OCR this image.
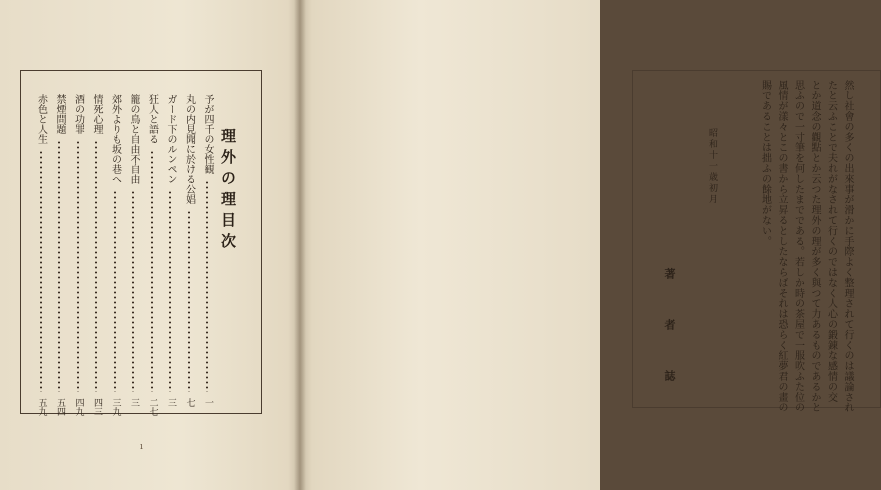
理外の理目次
予が四千の女性観
一
丸の内見聞に於ける公娼
七
ガード下のルンペン
三
狂人と語る
二七
籠の鳥と自由不自由
三
郊外よりも坂の巷へ
三九
情死心理
四三
酒の功罪
四九
禁煙問題
五四
赤色と人生
五九
ı
然し社會の多くの出來事が滑かに手際よく整理されて行くのは議論され
たと云ふことで夫れがなされて行くのではなく人心の鍛錬な感情の交
とか道念の觀點とか云つた理外の理が多く與つて力あるものであるかと
思ふので一寸筆を何したまでである。若しか時の茶屋で一服吹ふた位の
風情が漾々とこの書から立昇るとしたならばそれは恐らく紅夢君の畫の
賜であることは拙ふの餘地がない。
昭和十一歳初月
著者誌
